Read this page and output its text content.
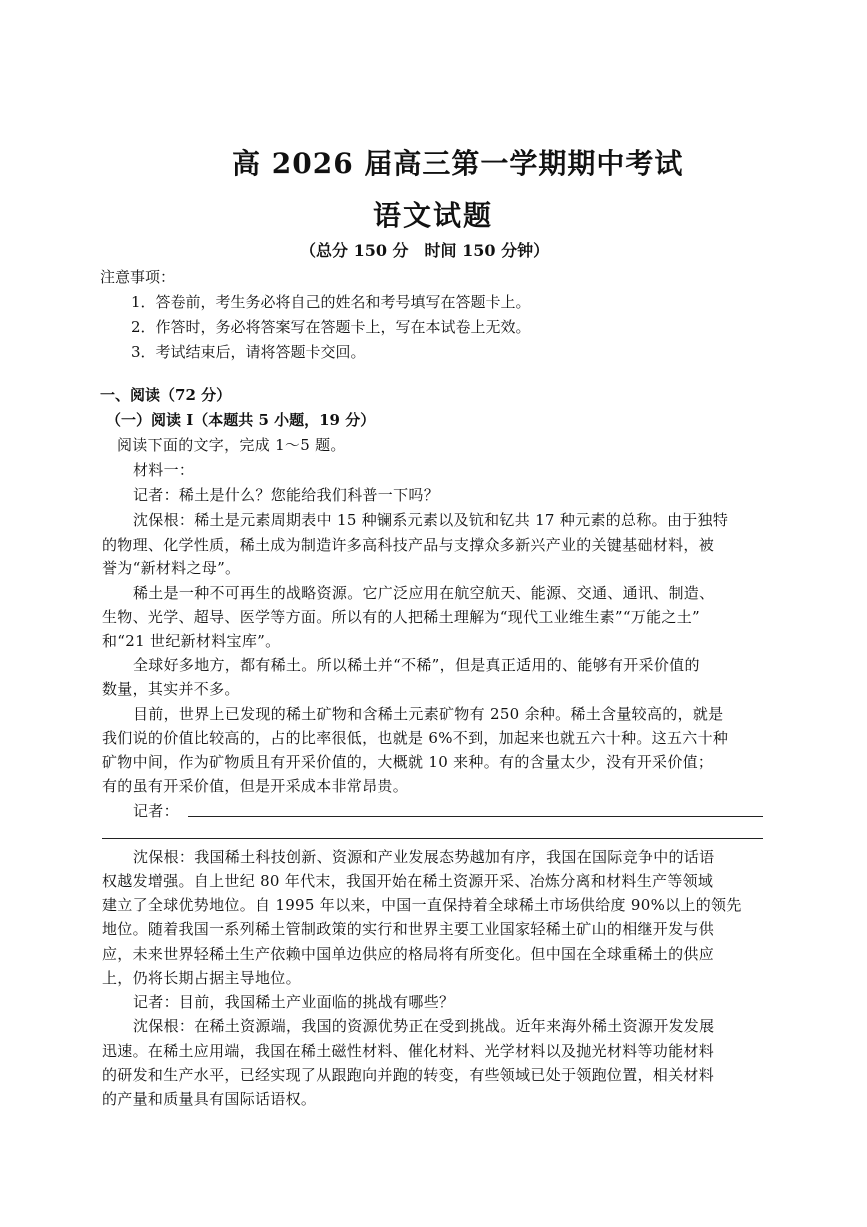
高 2026 届高三第一学期期中考试
语文试题
（总分 150 分　时间 150 分钟）
注意事项：
1．答卷前，考生务必将自己的姓名和考号填写在答题卡上。
2．作答时，务必将答案写在答题卡上，写在本试卷上无效。
3．考试结束后，请将答题卡交回。
一、阅读（72 分）
（一）阅读 I（本题共 5 小题，19 分）
阅读下面的文字，完成 1～5 题。
材料一：
记者：稀土是什么？您能给我们科普一下吗？
沈保根：稀土是元素周期表中 15 种镧系元素以及钪和钇共 17 种元素的总称。由于独特
的物理、化学性质，稀土成为制造许多高科技产品与支撑众多新兴产业的关键基础材料，被
誉为“新材料之母”。
稀土是一种不可再生的战略资源。它广泛应用在航空航天、能源、交通、通讯、制造、
生物、光学、超导、医学等方面。所以有的人把稀土理解为“现代工业维生素”“万能之土”
和“21 世纪新材料宝库”。
全球好多地方，都有稀土。所以稀土并“不稀”，但是真正适用的、能够有开采价值的
数量，其实并不多。
目前，世界上已发现的稀土矿物和含稀土元素矿物有 250 余种。稀土含量较高的，就是
我们说的价值比较高的，占的比率很低，也就是 6%不到，加起来也就五六十种。这五六十种
矿物中间，作为矿物质且有开采价值的，大概就 10 来种。有的含量太少，没有开采价值；
有的虽有开采价值，但是开采成本非常昂贵。
记者：
沈保根：我国稀土科技创新、资源和产业发展态势越加有序，我国在国际竞争中的话语
权越发增强。自上世纪 80 年代末，我国开始在稀土资源开采、冶炼分离和材料生产等领域
建立了全球优势地位。自 1995 年以来，中国一直保持着全球稀土市场供给度 90%以上的领先
地位。随着我国一系列稀土管制政策的实行和世界主要工业国家轻稀土矿山的相继开发与供
应，未来世界轻稀土生产依赖中国单边供应的格局将有所变化。但中国在全球重稀土的供应
上，仍将长期占据主导地位。
记者：目前，我国稀土产业面临的挑战有哪些？
沈保根：在稀土资源端，我国的资源优势正在受到挑战。近年来海外稀土资源开发发展
迅速。在稀土应用端，我国在稀土磁性材料、催化材料、光学材料以及抛光材料等功能材料
的研发和生产水平，已经实现了从跟跑向并跑的转变，有些领域已处于领跑位置，相关材料
的产量和质量具有国际话语权。
